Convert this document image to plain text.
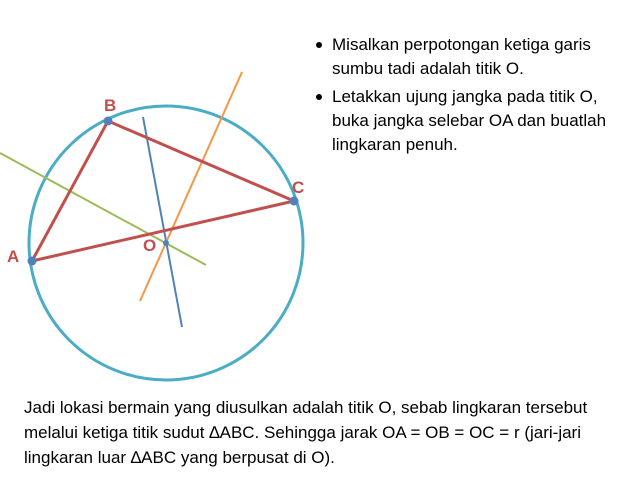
A
B
C
O
Misalkan perpotongan ketiga garis sumbu tadi adalah titik O.
Letakkan ujung jangka pada titik O, buka jangka selebar OA dan buatlah lingkaran penuh.

Jadi lokasi bermain yang diusulkan adalah titik O, sebab lingkaran tersebut melalui ketiga titik sudut ∆ABC. Sehingga jarak OA = OB = OC = r (jari-jari lingkaran luar ∆ABC yang berpusat di O).
